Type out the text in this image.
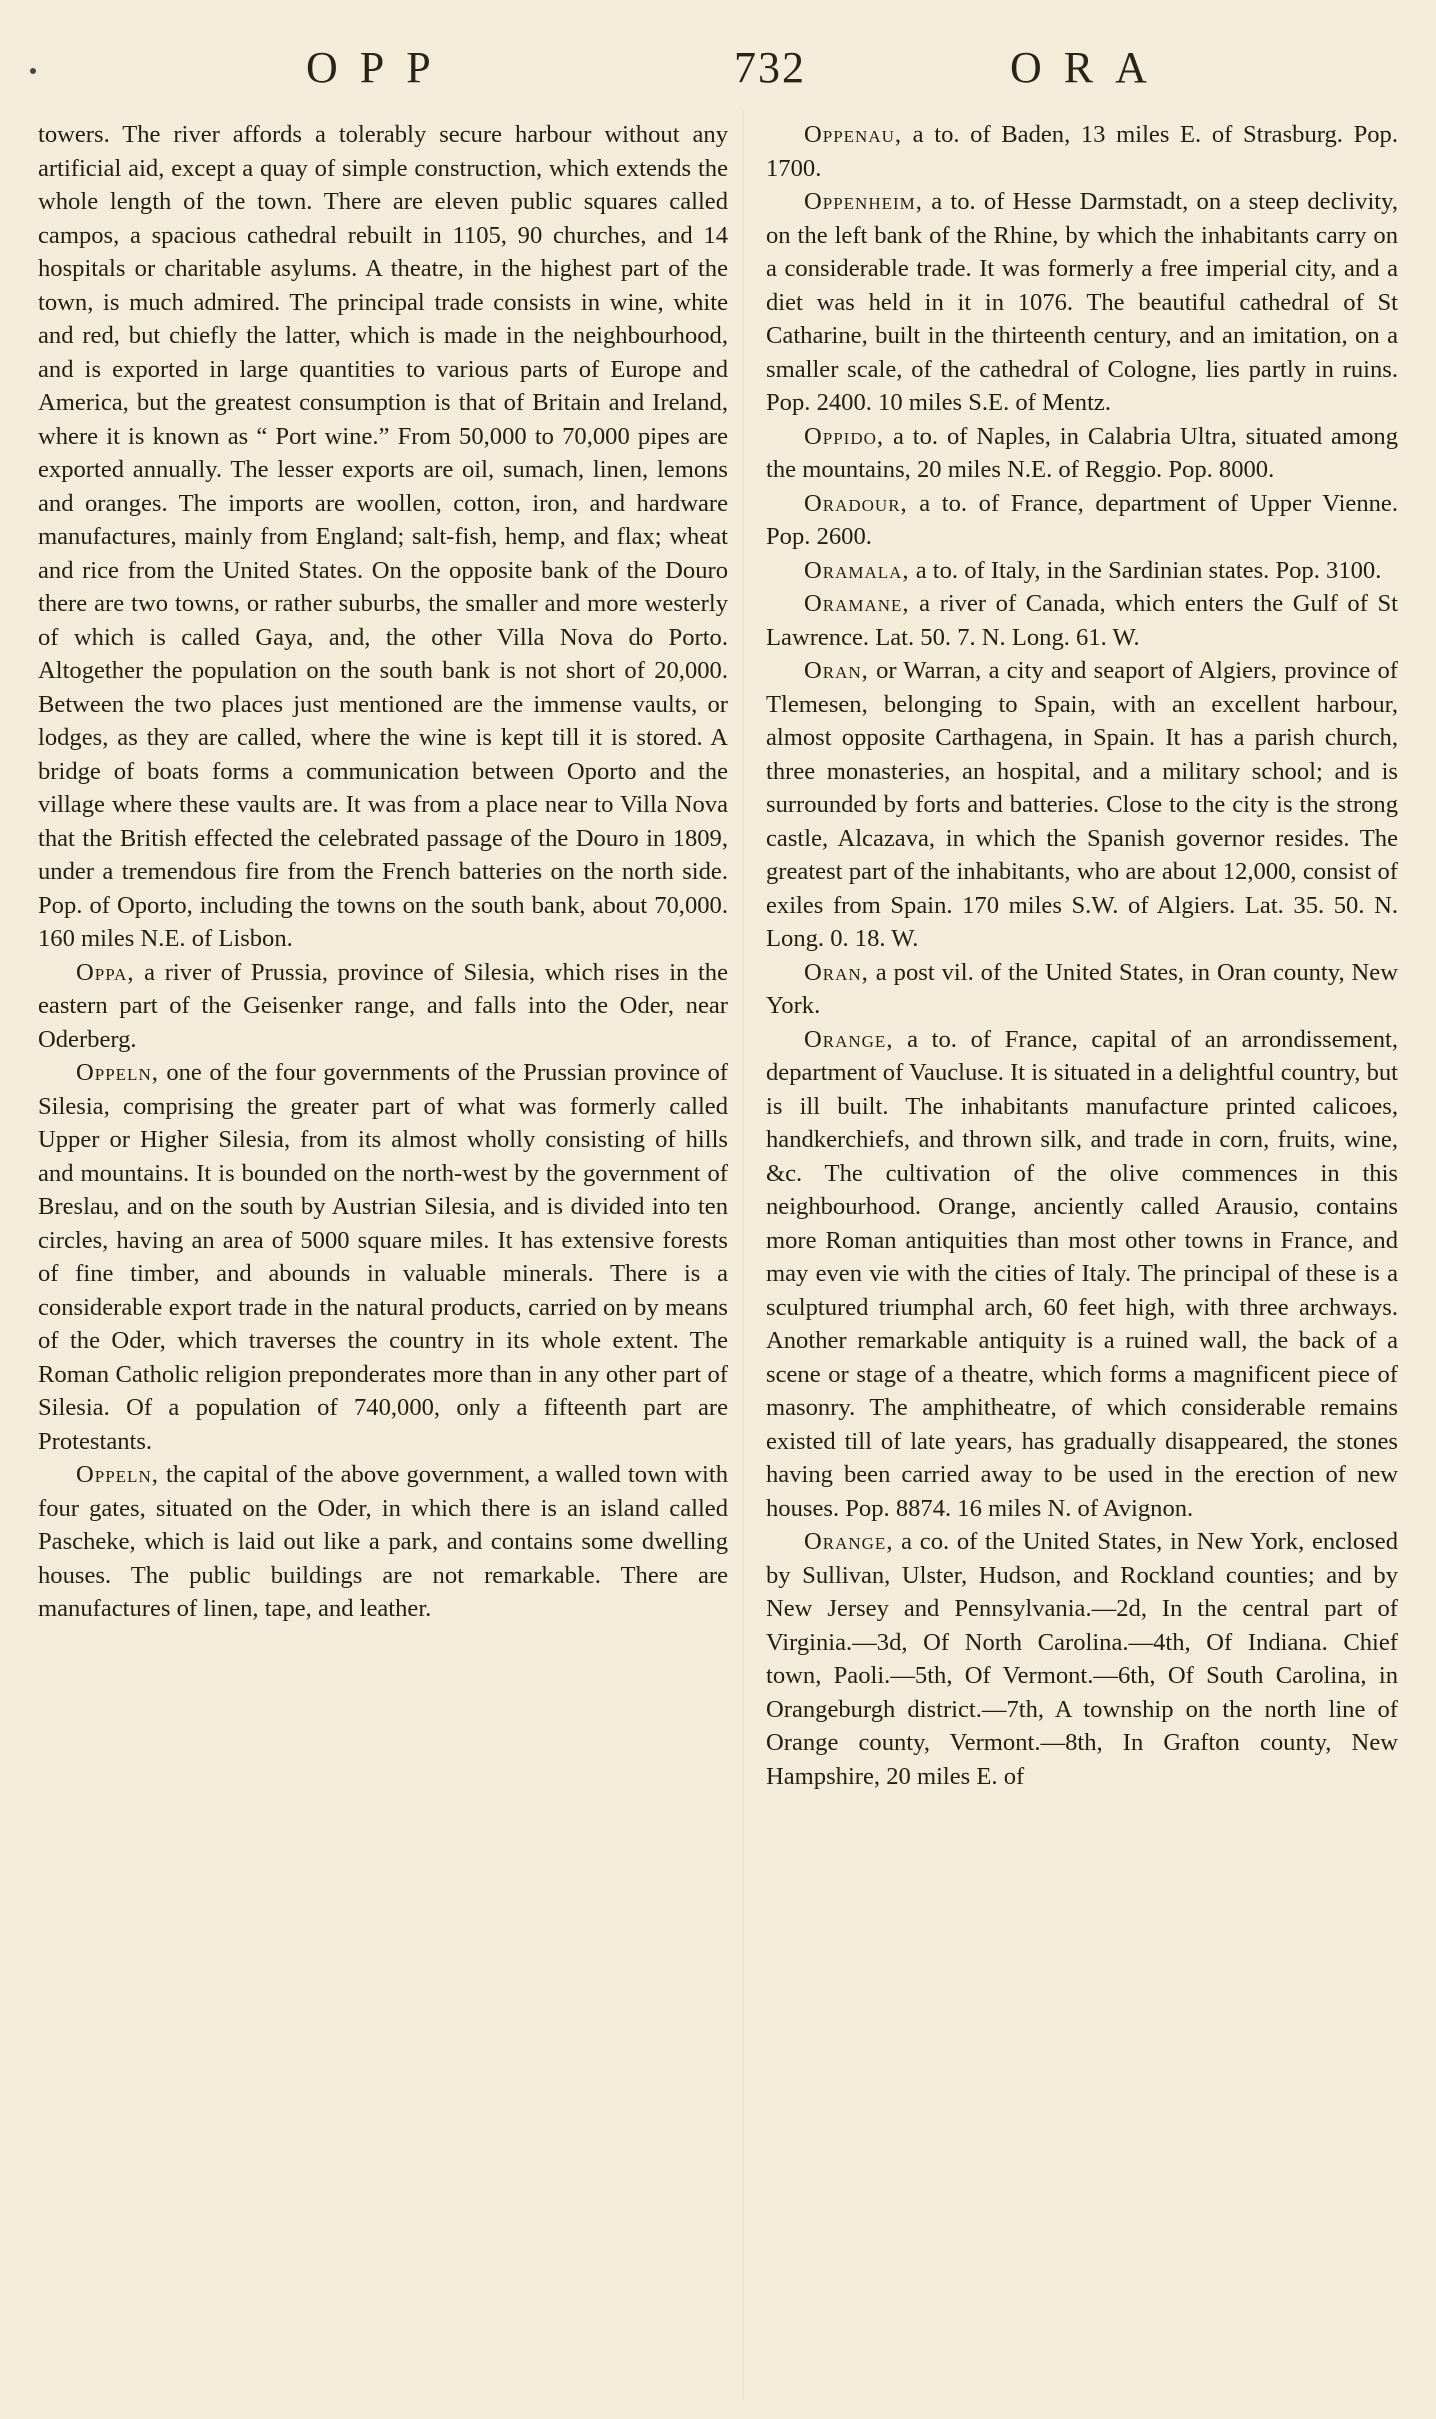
OPP	732	ORA

towers. The river affords a tolerably secure harbour without any artificial aid, except a quay of simple construction, which extends the whole length of the town. There are eleven public squares called campos, a spacious cathedral rebuilt in 1105, 90 churches, and 14 hospitals or charitable asylums. A theatre, in the highest part of the town, is much admired. The principal trade consists in wine, white and red, but chiefly the latter, which is made in the neighbourhood, and is exported in large quantities to various parts of Europe and America, but the greatest consumption is that of Britain and Ireland, where it is known as “ Port wine.” From 50,000 to 70,000 pipes are exported annually. The lesser exports are oil, sumach, linen, lemons and oranges. The imports are woollen, cotton, iron, and hardware manufactures, mainly from England; salt-fish, hemp, and flax; wheat and rice from the United States. On the opposite bank of the Douro there are two towns, or rather suburbs, the smaller and more westerly of which is called Gaya, and, the other Villa Nova do Porto. Altogether the population on the south bank is not short of 20,000. Between the two places just mentioned are the immense vaults, or lodges, as they are called, where the wine is kept till it is stored. A bridge of boats forms a communication between Oporto and the village where these vaults are. It was from a place near to Villa Nova that the British effected the celebrated passage of the Douro in 1809, under a tremendous fire from the French batteries on the north side. Pop. of Oporto, including the towns on the south bank, about 70,000. 160 miles N.E. of Lisbon.

Oppa, a river of Prussia, province of Silesia, which rises in the eastern part of the Geisenker range, and falls into the Oder, near Oderberg.

Oppeln, one of the four governments of the Prussian province of Silesia, comprising the greater part of what was formerly called Upper or Higher Silesia, from its almost wholly consisting of hills and mountains. It is bounded on the north-west by the government of Breslau, and on the south by Austrian Silesia, and is divided into ten circles, having an area of 5000 square miles. It has extensive forests of fine timber, and abounds in valuable minerals. There is a considerable export trade in the natural products, carried on by means of the Oder, which traverses the country in its whole extent. The Roman Catholic religion preponderates more than in any other part of Silesia. Of a population of 740,000, only a fifteenth part are Protestants.

Oppeln, the capital of the above government, a walled town with four gates, situated on the Oder, in which there is an island called Pascheke, which is laid out like a park, and contains some dwelling houses. The public buildings are not remarkable. There are manufactures of linen, tape, and leather.

Oppenau, a to. of Baden, 13 miles E. of Strasburg. Pop. 1700.

Oppenheim, a to. of Hesse Darmstadt, on a steep declivity, on the left bank of the Rhine, by which the inhabitants carry on a considerable trade. It was formerly a free imperial city, and a diet was held in it in 1076. The beautiful cathedral of St Catharine, built in the thirteenth century, and an imitation, on a smaller scale, of the cathedral of Cologne, lies partly in ruins. Pop. 2400. 10 miles S.E. of Mentz.

Oppido, a to. of Naples, in Calabria Ultra, situated among the mountains, 20 miles N.E. of Reggio. Pop. 8000.

Oradour, a to. of France, department of Upper Vienne. Pop. 2600.

Oramala, a to. of Italy, in the Sardinian states. Pop. 3100.

Oramane, a river of Canada, which enters the Gulf of St Lawrence. Lat. 50. 7. N. Long. 61. W.

Oran, or Warran, a city and seaport of Algiers, province of Tlemesen, belonging to Spain, with an excellent harbour, almost opposite Carthagena, in Spain. It has a parish church, three monasteries, an hospital, and a military school; and is surrounded by forts and batteries. Close to the city is the strong castle, Alcazava, in which the Spanish governor resides. The greatest part of the inhabitants, who are about 12,000, consist of exiles from Spain. 170 miles S.W. of Algiers. Lat. 35. 50. N. Long. 0. 18. W.

Oran, a post vil. of the United States, in Oran county, New York.

Orange, a to. of France, capital of an arrondissement, department of Vaucluse. It is situated in a delightful country, but is ill built. The inhabitants manufacture printed calicoes, handkerchiefs, and thrown silk, and trade in corn, fruits, wine, &c. The cultivation of the olive commences in this neighbourhood. Orange, anciently called Arausio, contains more Roman antiquities than most other towns in France, and may even vie with the cities of Italy. The principal of these is a sculptured triumphal arch, 60 feet high, with three archways. Another remarkable antiquity is a ruined wall, the back of a scene or stage of a theatre, which forms a magnificent piece of masonry. The amphitheatre, of which considerable remains existed till of late years, has gradually disappeared, the stones having been carried away to be used in the erection of new houses. Pop. 8874. 16 miles N. of Avignon.

Orange, a co. of the United States, in New York, enclosed by Sullivan, Ulster, Hudson, and Rockland counties; and by New Jersey and Pennsylvania.—2d, In the central part of Virginia.—3d, Of North Carolina.—4th, Of Indiana. Chief town, Paoli.—5th, Of Vermont.—6th, Of South Carolina, in Orangeburgh district.—7th, A township on the north line of Orange county, Vermont.—8th, In Grafton county, New Hampshire, 20 miles E. of
